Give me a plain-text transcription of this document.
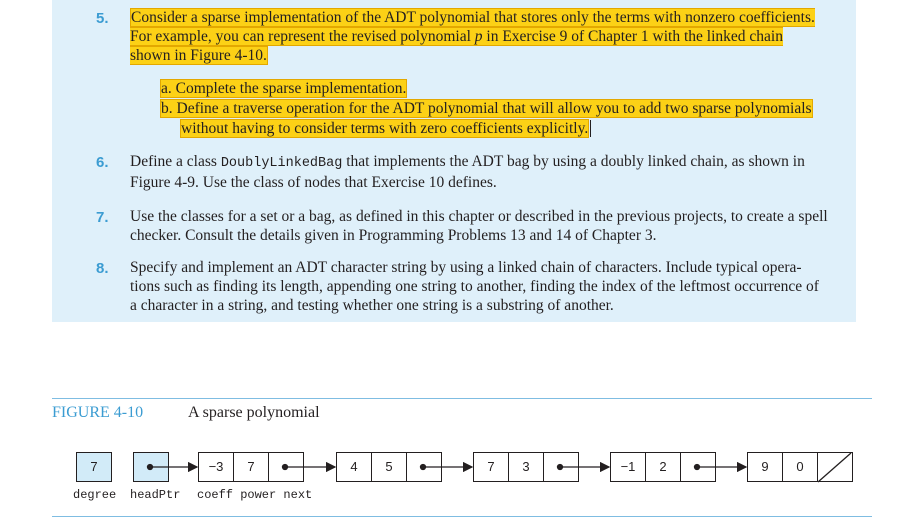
5. Consider a sparse implementation of the ADT polynomial that stores only the terms with nonzero coefficients.
For example, you can represent the revised polynomial p in Exercise 9 of Chapter 1 with the linked chain
shown in Figure 4-10.
a. Complete the sparse implementation.
b. Define a traverse operation for the ADT polynomial that will allow you to add two sparse polynomials
without having to consider terms with zero coefficients explicitly.
6. Define a class DoublyLinkedBag that implements the ADT bag by using a doubly linked chain, as shown in
Figure 4-9. Use the class of nodes that Exercise 10 defines.
7. Use the classes for a set or a bag, as defined in this chapter or described in the previous projects, to create a spell
checker. Consult the details given in Programming Problems 13 and 14 of Chapter 3.
8. Specify and implement an ADT character string by using a linked chain of characters. Include typical opera-
tions such as finding its length, appending one string to another, finding the index of the leftmost occurrence of
a character in a string, and testing whether one string is a substring of another.
FIGURE 4-10	A sparse polynomial
7	−3	7	4	5	7	3	−1	2	9	0
degree headPtr coeff power next
